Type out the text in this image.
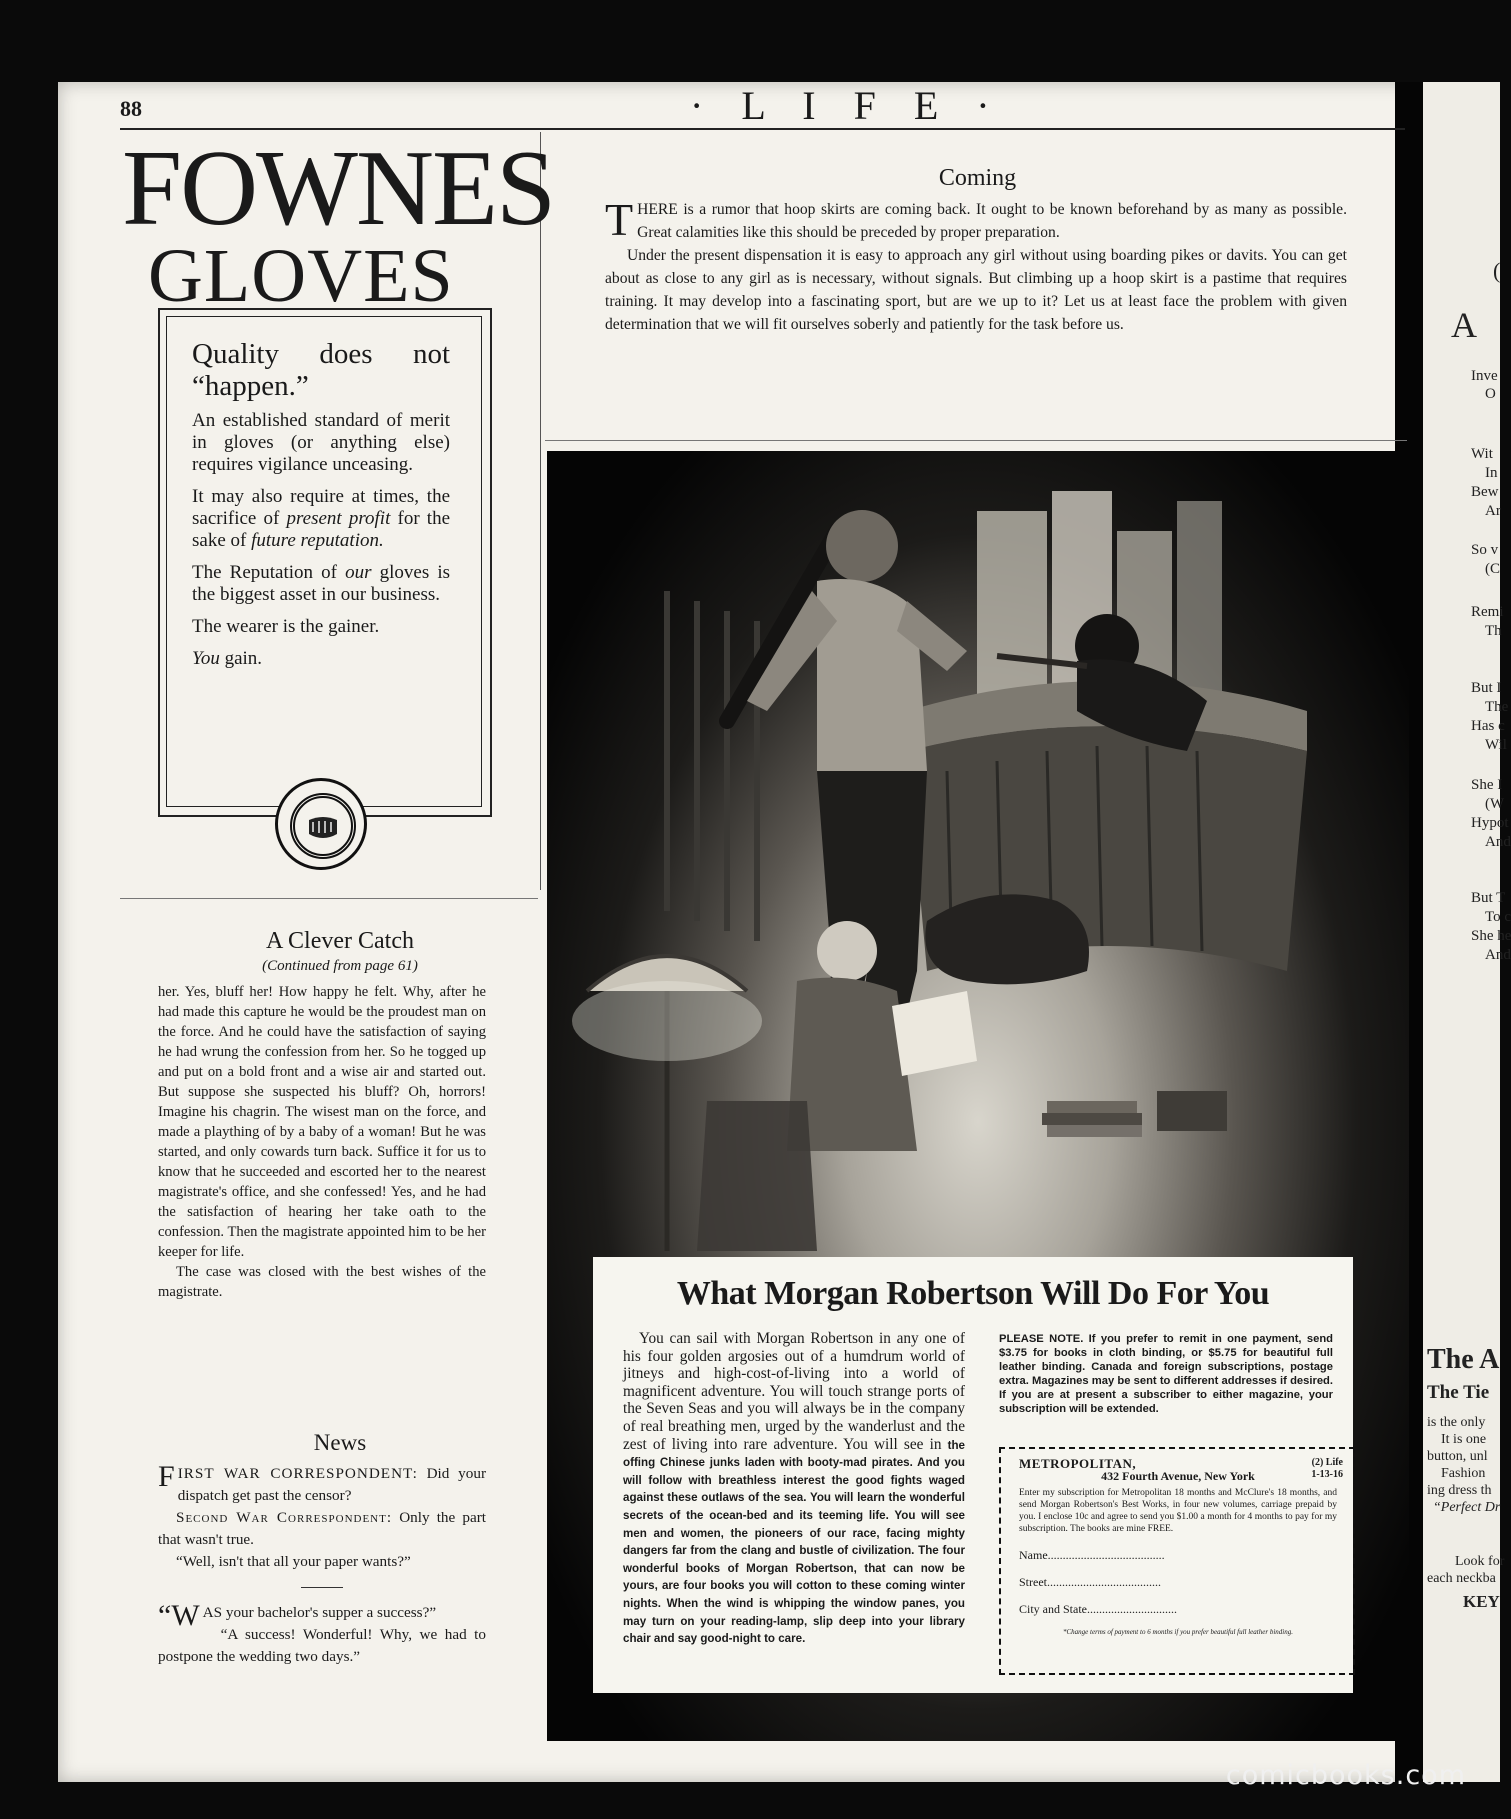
(
A
Inve
O
Wit
In
Bew
Ar
So v
(C
Remi
Th
But I
The
Has c
Wil
She I
(W
Hypot
And
But T
To c
She he
And
The A
The Tie
is the only
It is one
button, unl
Fashion
ing dress th
“Perfect Dr
Look for
each neckba
KEY
88	· L I F E ·
FOWNES
GLOVES
Quality does not “happen.”

An established standard of merit in gloves (or anything else) requires vigilance unceasing.

It may also require at times, the sacrifice of present profit for the sake of future reputation.

The Reputation of our gloves is the biggest asset in our business.

The wearer is the gainer.

You gain.

A Clever Catch
(Continued from page 61)

her. Yes, bluff her! How happy he felt. Why, after he had made this capture he would be the proudest man on the force. And he could have the satisfaction of saying he had wrung the confession from her. So he togged up and put on a bold front and a wise air and started out. But suppose she suspected his bluff? Oh, horrors! Imagine his chagrin. The wisest man on the force, and made a plaything of by a baby of a woman! But he was started, and only cowards turn back. Suffice it for us to know that he succeeded and escorted her to the nearest magistrate's office, and she confessed! Yes, and he had the satisfaction of hearing her take oath to the confession. Then the magistrate appointed him to be her keeper for life.

The case was closed with the best wishes of the magistrate.

News

FIRST WAR CORRESPONDENT: Did your dispatch get past the censor?

Second War Correspondent: Only the part that wasn't true.

“Well, isn't that all your paper wants?”

“WAS your bachelor's supper a success?”

“A success! Wonderful! Why, we had to postpone the wedding two days.”

Coming

THERE is a rumor that hoop skirts are coming back. It ought to be known beforehand by as many as possible. Great calamities like this should be preceded by proper preparation.

Under the present dispensation it is easy to approach any girl without using boarding pikes or davits. You can get about as close to any girl as is necessary, without signals. But climbing up a hoop skirt is a pastime that requires training. It may develop into a fascinating sport, but are we up to it? Let us at least face the problem with given determination that we will fit ourselves soberly and patiently for the task before us.

What Morgan Robertson Will Do For You

You can sail with Morgan Robertson in any one of his four golden argosies out of a humdrum world of jitneys and high-cost-of-living into a world of magnificent adventure. You will touch strange ports of the Seven Seas and you will always be in the company of real breathing men, urged by the wanderlust and the zest of living into rare adventure. You will see in the offing Chinese junks laden with booty-mad pirates. And you will follow with breathless interest the good fights waged against these outlaws of the sea. You will learn the wonderful secrets of the ocean-bed and its teeming life. You will see men and women, the pioneers of our race, facing mighty dangers far from the clang and bustle of civilization. The four wonderful books of Morgan Robertson, that can now be yours, are four books you will cotton to these coming winter nights. When the wind is whipping the window panes, you may turn on your reading-lamp, slip deep into your library chair and say good-night to care.

PLEASE NOTE. If you prefer to remit in one payment, send $3.75 for books in cloth binding, or $5.75 for beautiful full leather binding. Canada and foreign subscriptions, postage extra. Magazines may be sent to different addresses if desired. If you are at present a subscriber to either magazine, your subscription will be extended.
(2) Life
1-13-16
METROPOLITAN,
432 Fourth Avenue, New York
Enter my subscription for Metropolitan 18 months and McClure's 18 months, and send Morgan Robertson's Best Works, in four new volumes, carriage prepaid by you. I enclose 10c and agree to send you $1.00 a month for 4 months to pay for my subscription. The books are mine FREE.
Name.......................................
Street......................................
City and State..............................
*Change terms of payment to 6 months if you prefer beautiful full leather binding.
comicbooks.com
